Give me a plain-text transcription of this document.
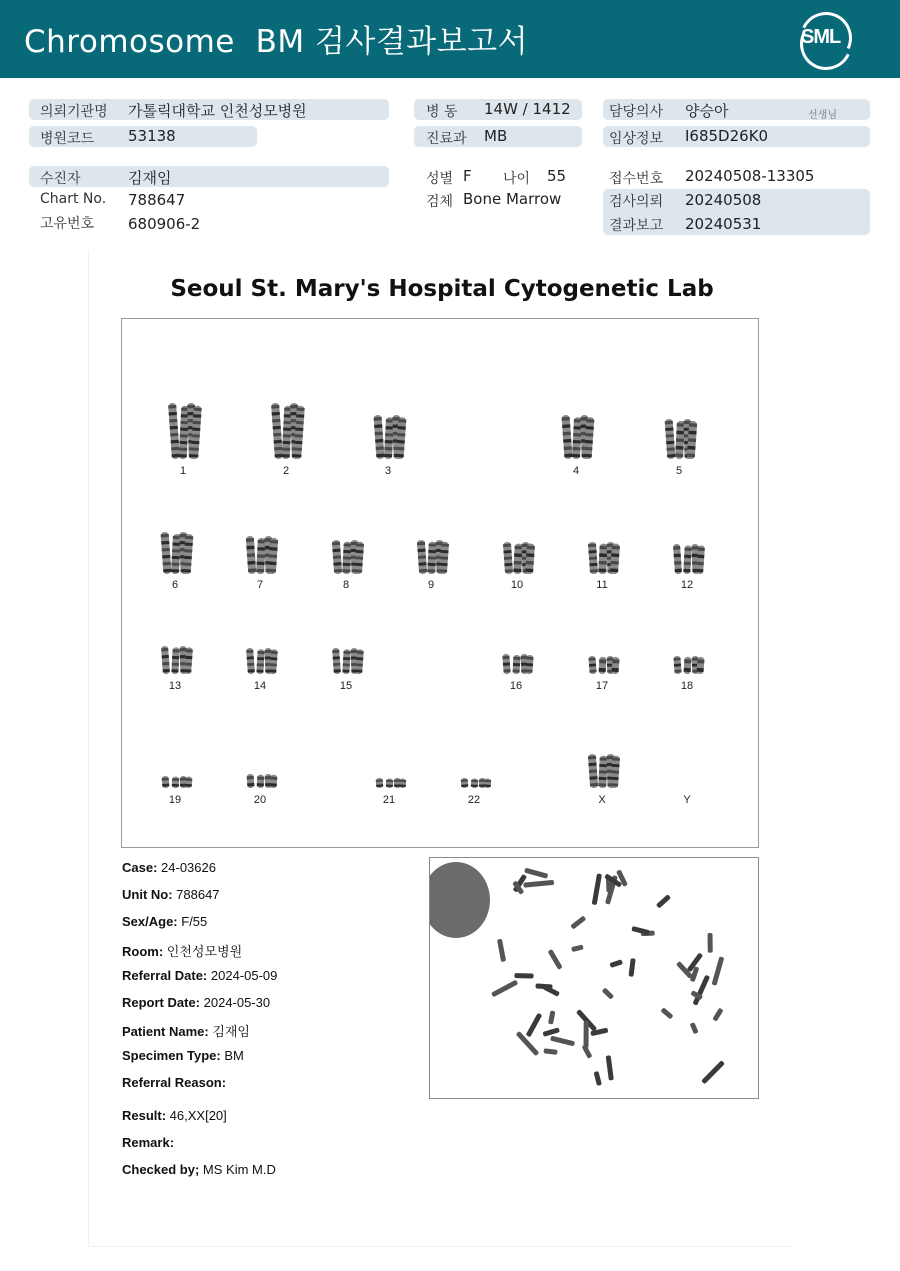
Chromosome  BM 검사결과보고서	SML
의뢰기관명 가톨릭대학교 인천성모병원	병 동 14W / 1412	담당의사 양승아	선생님
병원코드 53138	진료과 MB	임상정보 I685D26K0
수진자	김재임	성별 F 나이 55	접수번호 20240508-13305
Chart No. 788647	검체 Bone Marrow	검사의뢰 20240508
고유번호 680906-2	결과보고 20240531
Seoul St. Mary's Hospital Cytogenetic Lab
1	2	3	4	5
6	7	8	9	10	11	12
13	14	15	16	17	18
19	20	21	22	X	Y
Case: 24-03626
Unit No: 788647
Sex/Age: F/55
Room: 인천성모병원
Referral Date: 2024-05-09
Report Date: 2024-05-30
Patient Name: 김재임
Specimen Type: BM
Referral Reason:
Result: 46,XX[20]
Remark:
Checked by; MS Kim M.D
